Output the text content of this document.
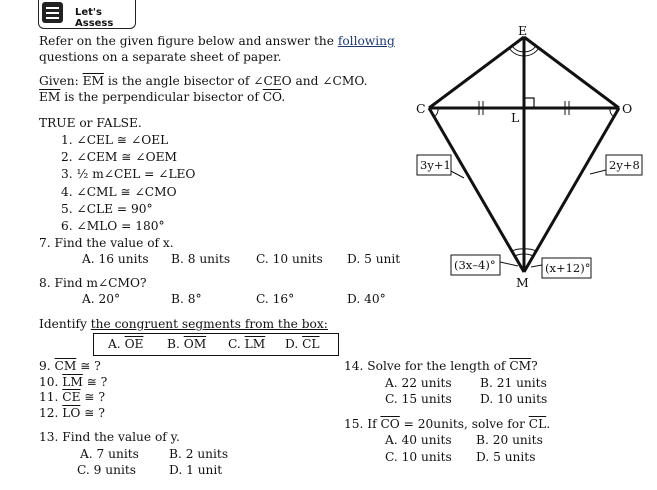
Let's Assess
Refer on the given figure below and answer the following
questions on a separate sheet of paper.
Given: $\overline{EM}$ is the angle bisector of ∠CEO and ∠CMO.
$\overline{EM}$ is the perpendicular bisector of $\overline{CO}$.
TRUE or FALSE.
1. ∠CEL ≅ ∠OEL
2. ∠CEM ≅ ∠OEM
3. ½ m∠CEL = ∠LEO
4. ∠CML ≅ ∠CMO
5. ∠CLE = 90°
6. ∠MLO = 180°
7. Find the value of x.
A. 16 units B. 8 units C. 10 units D. 5 unit
8. Find m∠CMO?
A. 20°	B. 8°	C. 16°	D. 40°
Identify the congruent segments from the box:
A. $\overline{OE}$ B. $\overline{OM}$ C. $\overline{LM}$ D. $\overline{CL}$
9. $\overline{CM}$ ≅ ?
10. $\overline{LM}$ ≅ ?
11. $\overline{CE}$ ≅ ?
12. $\overline{LO}$ ≅ ?
13. Find the value of y.
A. 7 units B. 2 units
C. 9 units	D. 1 unit
14. Solve for the length of $\overline{CM}$?
A. 22 units B. 21 units
C. 15 units D. 10 units
15. If $\overline{CO}$ = 20units, solve for $\overline{CL}$.
A. 40 units B. 20 units
C. 10 units D. 5 units
E
C	O
L
M
3y+1	2y+8
(3x–4)°	(x+12)°
